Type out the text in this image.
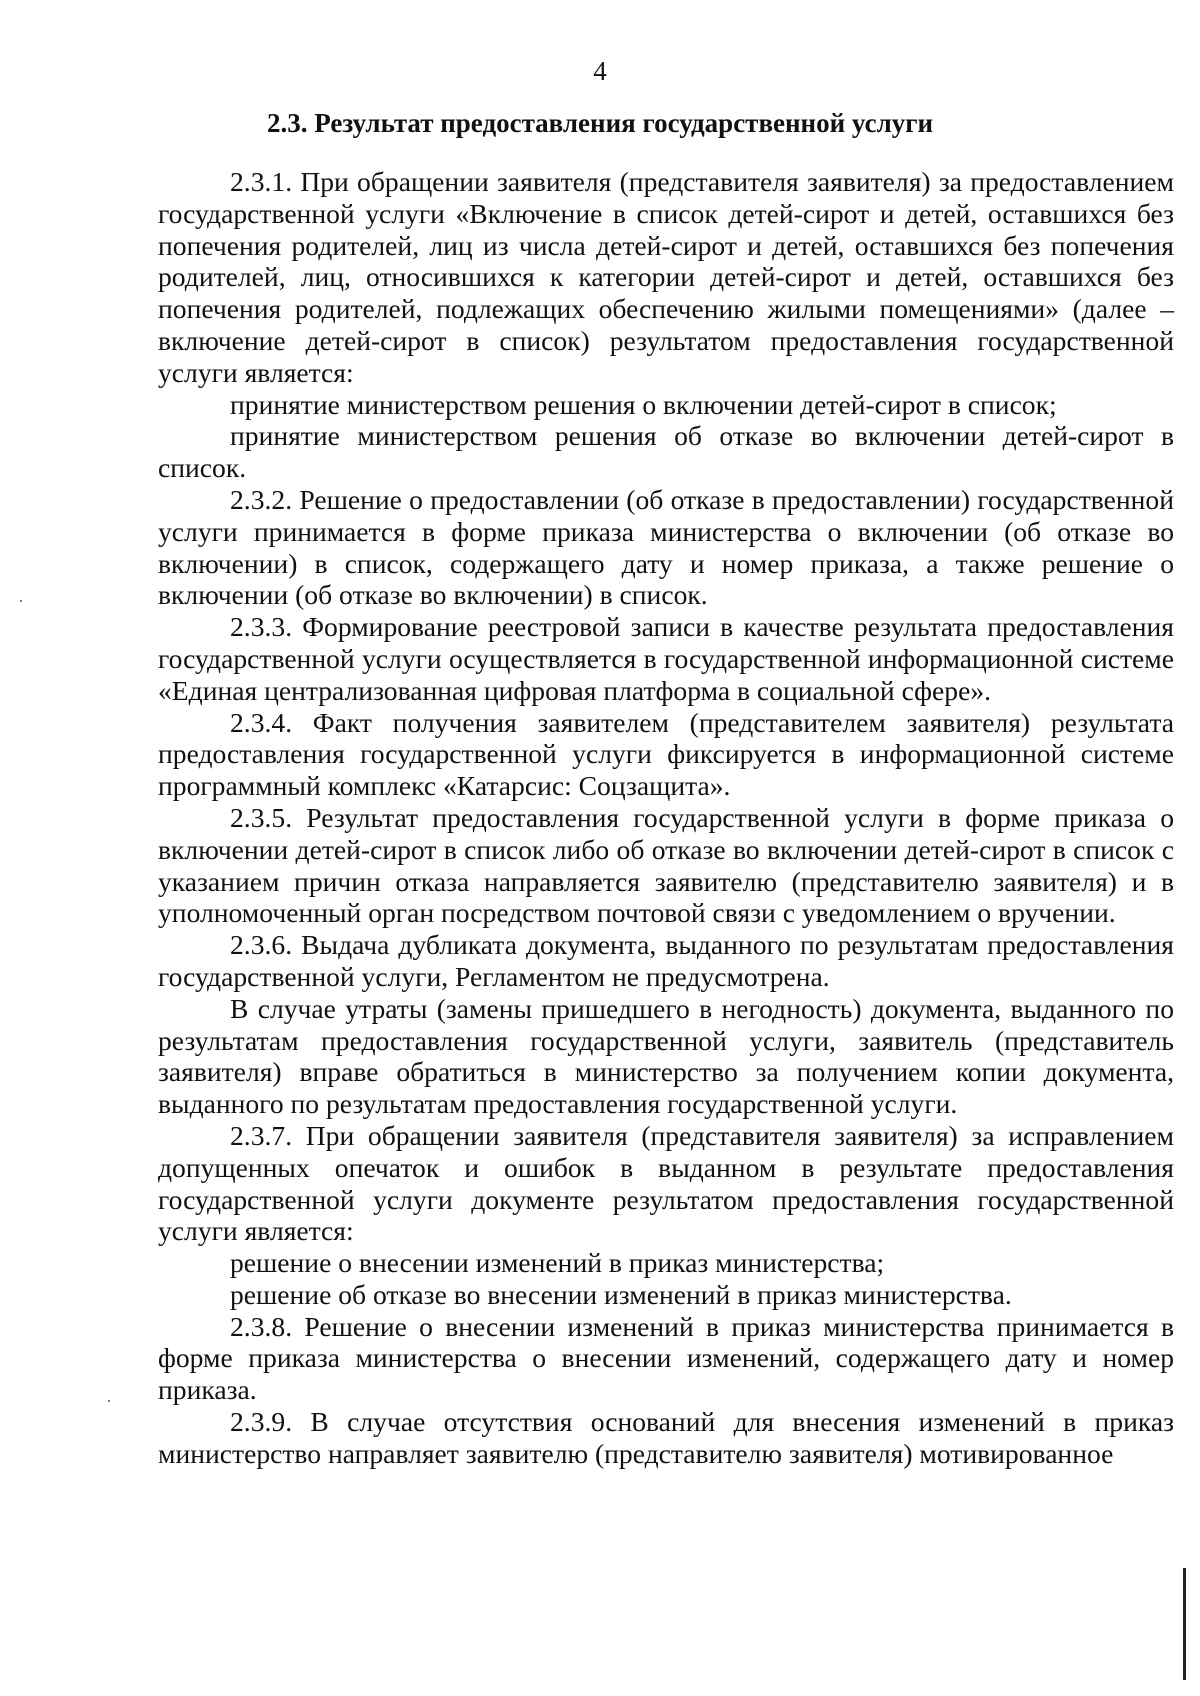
4
2.3. Результат предоставления государственной услуги

2.3.1. При обращении заявителя (представителя заявителя) за предоставлением государственной услуги «Включение в список детей-сирот и детей, оставшихся без попечения родителей, лиц из числа детей-сирот и детей, оставшихся без попечения родителей, лиц, относившихся к категории детей-сирот и детей, оставшихся без попечения родителей, подлежащих обеспечению жилыми помещениями» (далее – включение детей-сирот в список) результатом предоставления государственной услуги является:

принятие министерством решения о включении детей-сирот в список;

принятие министерством решения об отказе во включении детей-сирот в список.

2.3.2. Решение о предоставлении (об отказе в предоставлении) государственной услуги принимается в форме приказа министерства о включении (об отказе во включении) в список, содержащего дату и номер приказа, а также решение о включении (об отказе во включении) в список.

2.3.3. Формирование реестровой записи в качестве результата предоставления государственной услуги осуществляется в государственной информационной системе «Единая централизованная цифровая платформа в социальной сфере».

2.3.4. Факт получения заявителем (представителем заявителя) результата предоставления государственной услуги фиксируется в информационной системе программный комплекс «Катарсис: Соцзащита».

2.3.5. Результат предоставления государственной услуги в форме приказа о включении детей-сирот в список либо об отказе во включении детей-сирот в список с указанием причин отказа направляется заявителю (представителю заявителя) и в уполномоченный орган посредством почтовой связи с уведомлением о вручении.

2.3.6. Выдача дубликата документа, выданного по результатам предоставления государственной услуги, Регламентом не предусмотрена.

В случае утраты (замены пришедшего в негодность) документа, выданного по результатам предоставления государственной услуги, заявитель (представитель заявителя) вправе обратиться в министерство за получением копии документа, выданного по результатам предоставления государственной услуги.

2.3.7. При обращении заявителя (представителя заявителя) за исправлением допущенных опечаток и ошибок в выданном в результате предоставления государственной услуги документе результатом предоставления государственной услуги является:

решение о внесении изменений в приказ министерства;

решение об отказе во внесении изменений в приказ министерства.

2.3.8. Решение о внесении изменений в приказ министерства принимается в форме приказа министерства о внесении изменений, содержащего дату и номер приказа.

2.3.9. В случае отсутствия оснований для внесения изменений в приказ министерство направляет заявителю (представителю заявителя) мотивированное
